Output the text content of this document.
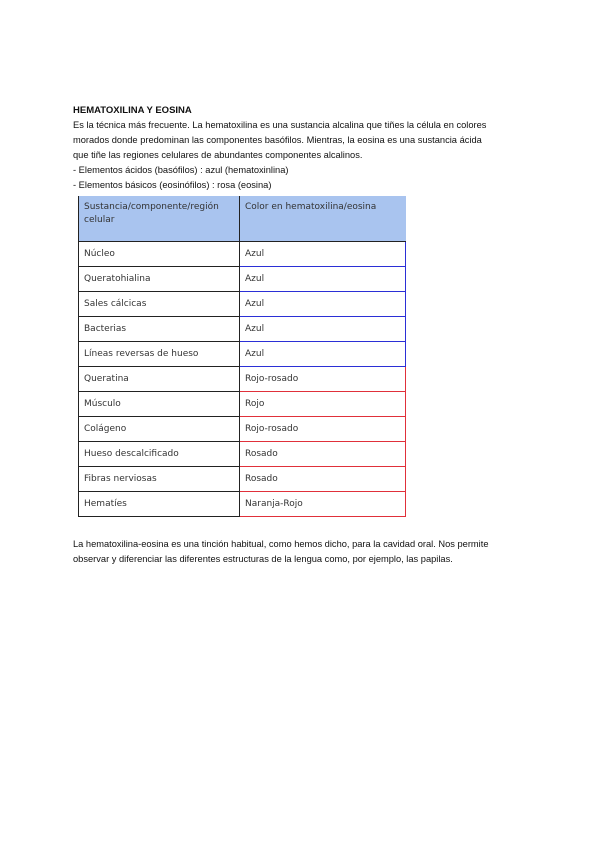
HEMATOXILINA Y EOSINA

Es la técnica más frecuente. La hematoxilina es una sustancia alcalina que tiñes la célula en colores

morados donde predominan las componentes basófilos. Mientras, la eosina es una sustancia ácida

que tiñe las regiones celulares de abundantes componentes alcalinos.

- Elementos ácidos (basófilos) : azul (hematoxinlina)

- Elementos básicos (eosinófilos) : rosa (eosina)

Sustancia/componente/región celular	Color en hematoxilina/eosina
Núcleo	Azul
Queratohialina	Azul
Sales cálcicas	Azul
Bacterias	Azul
Líneas reversas de hueso	Azul
Queratina	Rojo-rosado
Músculo	Rojo
Colágeno	Rojo-rosado
Hueso descalcificado	Rosado
Fibras nerviosas	Rosado
Hematíes	Naranja-Rojo

La hematoxilina-eosina es una tinción habitual, como hemos dicho, para la cavidad oral. Nos permite

observar y diferenciar las diferentes estructuras de la lengua como, por ejemplo, las papilas.
